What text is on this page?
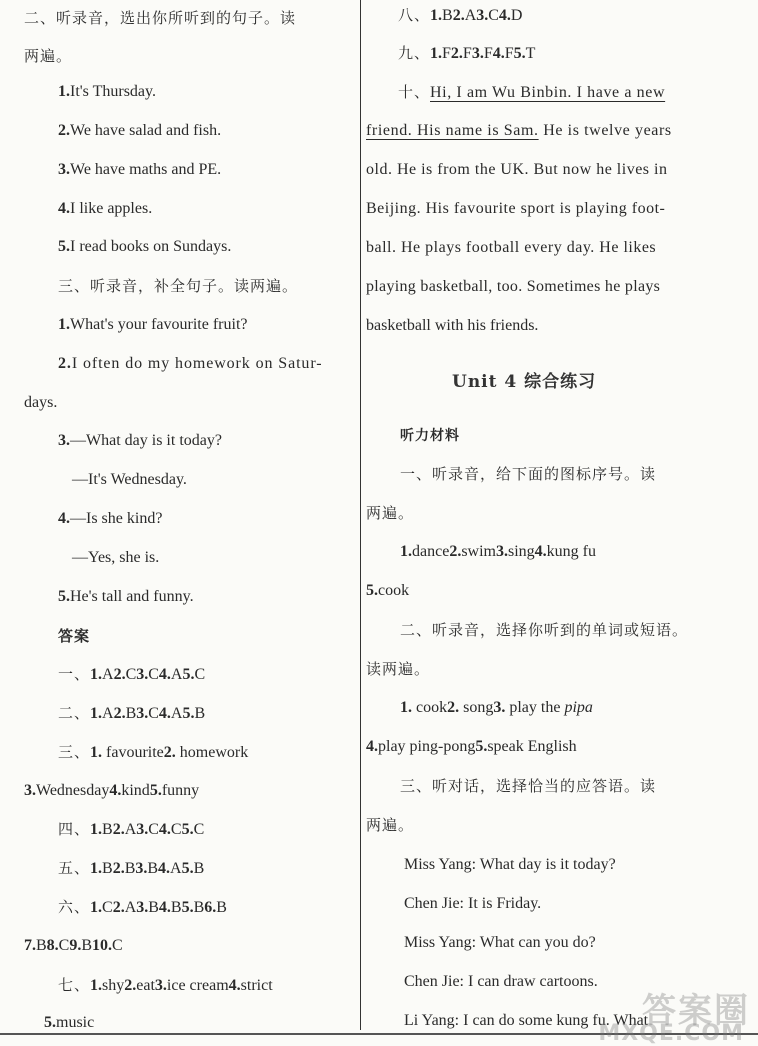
二、听录音，选出你所听到的句子。读
两遍。
1.It's Thursday.
2.We have salad and fish.
3.We have maths and PE.
4.I like apples.
5.I read books on Sundays.
三、听录音，补全句子。读两遍。
1.What's your favourite fruit?
2.I often do my homework on Satur-
days.
3.—What day is it today?
—It's Wednesday.
4.—Is she kind?
—Yes, she is.
5.He's tall and funny.
答案
一、1.A2.C3.C4.A5.C
二、1.A2.B3.C4.A5.B
三、1. favourite2. homework
3.Wednesday4.kind5.funny
四、1.B2.A3.C4.C5.C
五、1.B2.B3.B4.A5.B
六、1.C2.A3.B4.B5.B6.B
7.B8.C9.B10.C
七、1.shy2.eat3.ice cream4.strict
5.music
八、1.B2.A3.C4.D
九、1.F2.F3.F4.F5.T
十、Hi, I am Wu Binbin. I have a new
friend. His name is Sam. He is twelve years
old. He is from the UK. But now he lives in
Beijing. His favourite sport is playing foot-
ball. He plays football every day. He likes
playing basketball, too. Sometimes he plays
basketball with his friends.
Unit 4 综合练习
听力材料
一、听录音，给下面的图标序号。读
两遍。
1.dance2.swim3.sing4.kung fu
5.cook
二、听录音，选择你听到的单词或短语。
读两遍。
1. cook2. song3. play the pipa
4.play ping-pong5.speak English
三、听对话，选择恰当的应答语。读
两遍。
Miss Yang: What day is it today?
Chen Jie: It is Friday.
Miss Yang: What can you do?
Chen Jie: I can draw cartoons.
Li Yang: I can do some kung fu. What
答案圈
MXQE.COM
